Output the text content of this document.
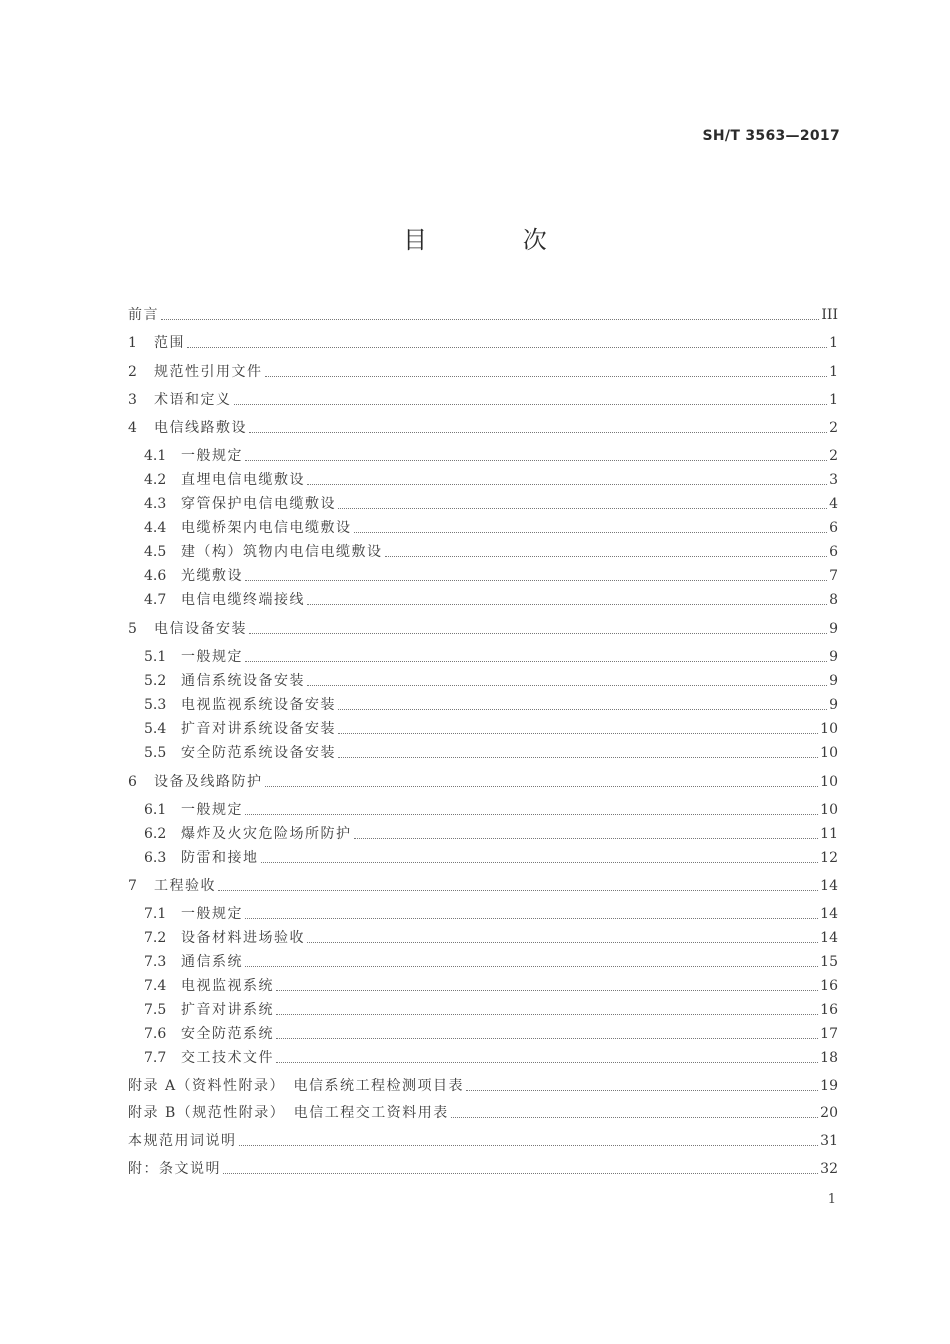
SH/T 3563—2017
目 次
前言	III
1	范围	1
2	规范性引用文件	1
3	术语和定义	1
4	电信线路敷设	2
4.1	一般规定	2
4.2	直埋电信电缆敷设	3
4.3	穿管保护电信电缆敷设	4
4.4	电缆桥架内电信电缆敷设	6
4.5	建（构）筑物内电信电缆敷设	6
4.6	光缆敷设	7
4.7	电信电缆终端接线	8
5	电信设备安装	9
5.1	一般规定	9
5.2	通信系统设备安装	9
5.3	电视监视系统设备安装	9
5.4	扩音对讲系统设备安装	10
5.5	安全防范系统设备安装	10
6	设备及线路防护	10
6.1	一般规定	10
6.2	爆炸及火灾危险场所防护	11
6.3	防雷和接地	12
7	工程验收	14
7.1	一般规定	14
7.2	设备材料进场验收	14
7.3	通信系统	15
7.4	电视监视系统	16
7.5	扩音对讲系统	16
7.6	安全防范系统	17
7.7	交工技术文件	18
附录 A（资料性附录）　电信系统工程检测项目表	19
附录 B（规范性附录）　电信工程交工资料用表	20
本规范用词说明	31
附：条文说明	32
1
